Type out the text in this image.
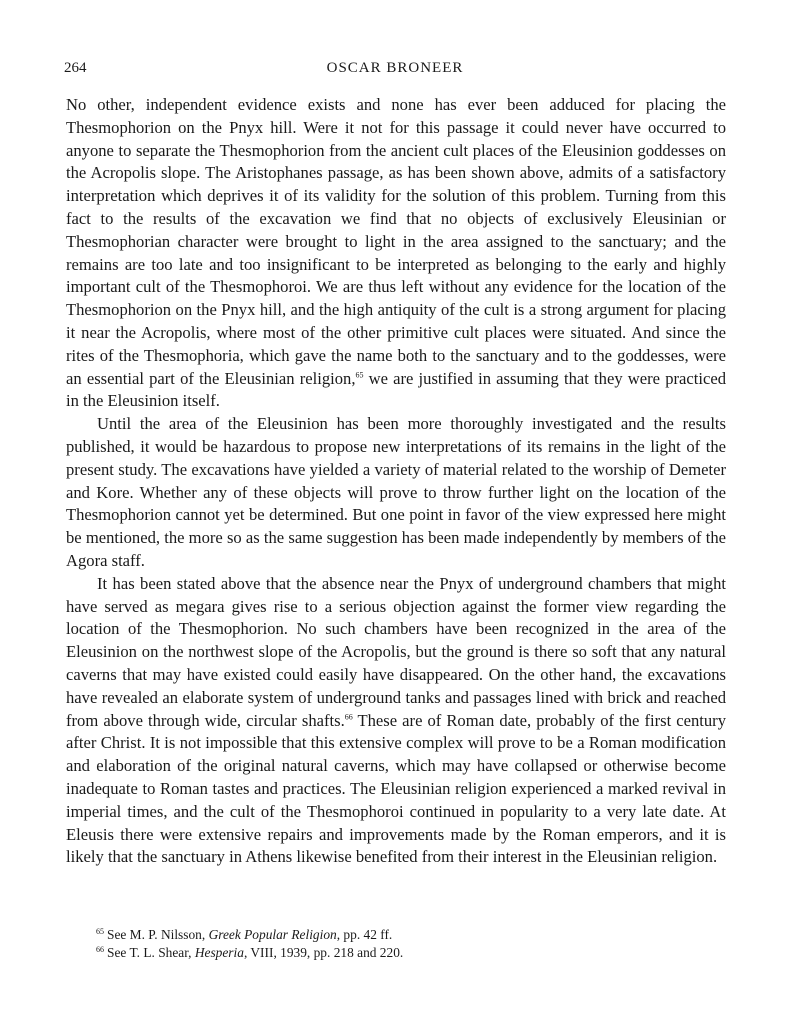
264	OSCAR BRONEER

No other, independent evidence exists and none has ever been adduced for placing the Thesmophorion on the Pnyx hill. Were it not for this passage it could never have occurred to anyone to separate the Thesmophorion from the ancient cult places of the Eleusinion goddesses on the Acropolis slope. The Aristophanes passage, as has been shown above, admits of a satisfactory interpretation which deprives it of its validity for the solution of this problem. Turning from this fact to the results of the excavation we find that no objects of exclusively Eleusinian or Thesmophorian character were brought to light in the area assigned to the sanctuary; and the remains are too late and too insignificant to be interpreted as belonging to the early and highly important cult of the Thesmophoroi. We are thus left without any evidence for the location of the Thesmophorion on the Pnyx hill, and the high antiquity of the cult is a strong argument for placing it near the Acropolis, where most of the other primitive cult places were situated. And since the rites of the Thesmophoria, which gave the name both to the sanctuary and to the goddesses, were an essential part of the Eleusinian religion,$^{65}$ we are justified in assuming that they were practiced in the Eleusinion itself.

Until the area of the Eleusinion has been more thoroughly investigated and the results published, it would be hazardous to propose new interpretations of its remains in the light of the present study. The excavations have yielded a variety of material related to the worship of Demeter and Kore. Whether any of these objects will prove to throw further light on the location of the Thesmophorion cannot yet be determined. But one point in favor of the view expressed here might be mentioned, the more so as the same suggestion has been made independently by members of the Agora staff.

It has been stated above that the absence near the Pnyx of underground chambers that might have served as megara gives rise to a serious objection against the former view regarding the location of the Thesmophorion. No such chambers have been recognized in the area of the Eleusinion on the northwest slope of the Acropolis, but the ground is there so soft that any natural caverns that may have existed could easily have disappeared. On the other hand, the excavations have revealed an elaborate system of underground tanks and passages lined with brick and reached from above through wide, circular shafts.$^{66}$ These are of Roman date, probably of the first century after Christ. It is not impossible that this extensive complex will prove to be a Roman modification and elaboration of the original natural caverns, which may have collapsed or otherwise become inadequate to Roman tastes and practices. The Eleusinian religion experienced a marked revival in imperial times, and the cult of the Thesmophoroi continued in popularity to a very late date. At Eleusis there were extensive repairs and improvements made by the Roman emperors, and it is likely that the sanctuary in Athens likewise benefited from their interest in the Eleusinian religion.

$^{65}$ See M. P. Nilsson, Greek Popular Religion, pp. 42 ff.
$^{66}$ See T. L. Shear, Hesperia, VIII, 1939, pp. 218 and 220.
